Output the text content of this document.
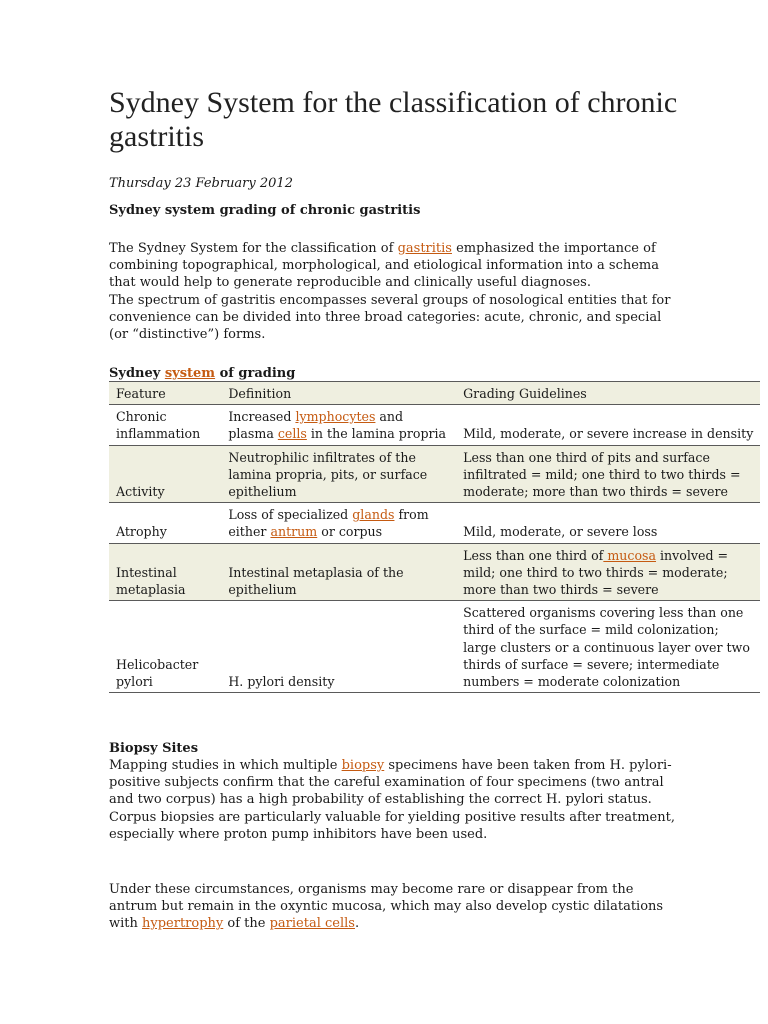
Sydney System for the classification of chronic gastritis
Thursday 23 February 2012
Sydney system grading of chronic gastritis
The Sydney System for the classification of gastritis emphasized the importance of combining topographical, morphological, and etiological information into a schema that would help to generate reproducible and clinically useful diagnoses.
The spectrum of gastritis encompasses several groups of nosological entities that for convenience can be divided into three broad categories: acute, chronic, and special (or “distinctive”) forms.
Sydney system of grading
Feature	Definition	Grading Guidelines
Chronic inflammation	Increased lymphocytes and plasma cells in the lamina propria	Mild, moderate, or severe increase in density
Activity	Neutrophilic infiltrates of the lamina propria, pits, or surface epithelium	Less than one third of pits and surface infiltrated = mild; one third to two thirds = moderate; more than two thirds = severe
Atrophy	Loss of specialized glands from either antrum or corpus	Mild, moderate, or severe loss
Intestinal metaplasia	Intestinal metaplasia of the epithelium	Less than one third of mucosa involved = mild; one third to two thirds = moderate; more than two thirds = severe
Helicobacter pylori	H. pylori density	Scattered organisms covering less than one third of the surface = mild colonization; large clusters or a continuous layer over two thirds of surface = severe; intermediate numbers = moderate colonization
Biopsy Sites
Mapping studies in which multiple biopsy specimens have been taken from H. pylori-positive subjects confirm that the careful examination of four specimens (two antral and two corpus) has a high probability of establishing the correct H. pylori status.
Corpus biopsies are particularly valuable for yielding positive results after treatment, especially where proton pump inhibitors have been used.
Under these circumstances, organisms may become rare or disappear from the antrum but remain in the oxyntic mucosa, which may also develop cystic dilatations with hypertrophy of the parietal cells.
